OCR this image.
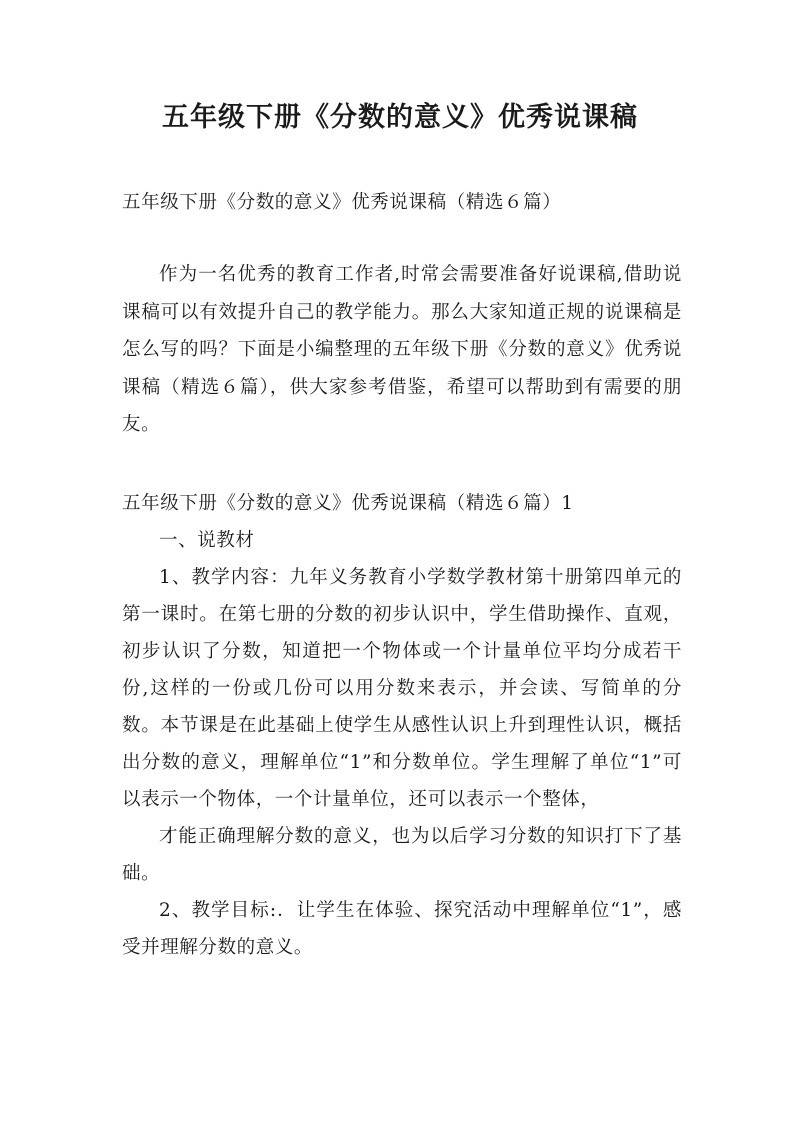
五年级下册《分数的意义》优秀说课稿

五年级下册《分数的意义》优秀说课稿（精选６篇）

作为一名优秀的教育工作者,时常会需要准备好说课稿,借助说课稿可以有效提升自己的教学能力。那么大家知道正规的说课稿是怎么写的吗？下面是小编整理的五年级下册《分数的意义》优秀说课稿（精选６篇），供大家参考借鉴，希望可以帮助到有需要的朋友。

五年级下册《分数的意义》优秀说课稿（精选６篇）1

一、说教材

1、教学内容：九年义务教育小学数学教材第十册第四单元的第一课时。在第七册的分数的初步认识中，学生借助操作、直观，初步认识了分数，知道把一个物体或一个计量单位平均分成若干份,这样的一份或几份可以用分数来表示，并会读、写简单的分数。本节课是在此基础上使学生从感性认识上升到理性认识，概括出分数的意义，理解单位“1”和分数单位。学生理解了单位“1”可以表示一个物体，一个计量单位，还可以表示一个整体，

才能正确理解分数的意义，也为以后学习分数的知识打下了基础。

2、教学目标:．让学生在体验、探究活动中理解单位“1”，感受并理解分数的意义。
